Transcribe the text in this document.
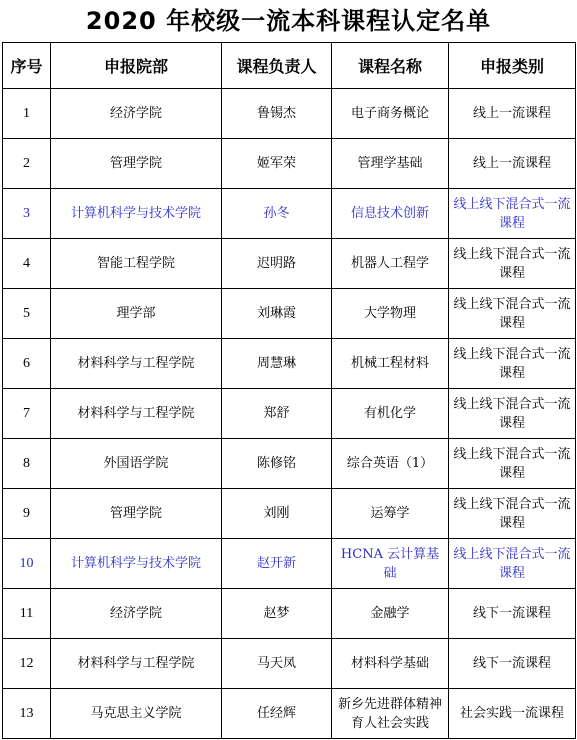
2020 年校级一流本科课程认定名单
序号	申报院部	课程负责人	课程名称	申报类别
1	经济学院	鲁锡杰	电子商务概论	线上一流课程
2	管理学院	姬军荣	管理学基础	线上一流课程
3	计算机科学与技术学院	孙冬	信息技术创新	线上线下混合式一流课程
4	智能工程学院	迟明路	机器人工程学	线上线下混合式一流课程
5	理学部	刘琳霞	大学物理	线上线下混合式一流课程
6	材料科学与工程学院	周慧琳	机械工程材料	线上线下混合式一流课程
7	材料科学与工程学院	郑舒	有机化学	线上线下混合式一流课程
8	外国语学院	陈修铭	综合英语（1）	线上线下混合式一流课程
9	管理学院	刘刚	运筹学	线上线下混合式一流课程
10	计算机科学与技术学院	赵开新	HCNA 云计算基础	线上线下混合式一流课程
11	经济学院	赵梦	金融学	线下一流课程
12	材料科学与工程学院	马天凤	材料科学基础	线下一流课程
13	马克思主义学院	任经辉	新乡先进群体精神育人社会实践	社会实践一流课程
